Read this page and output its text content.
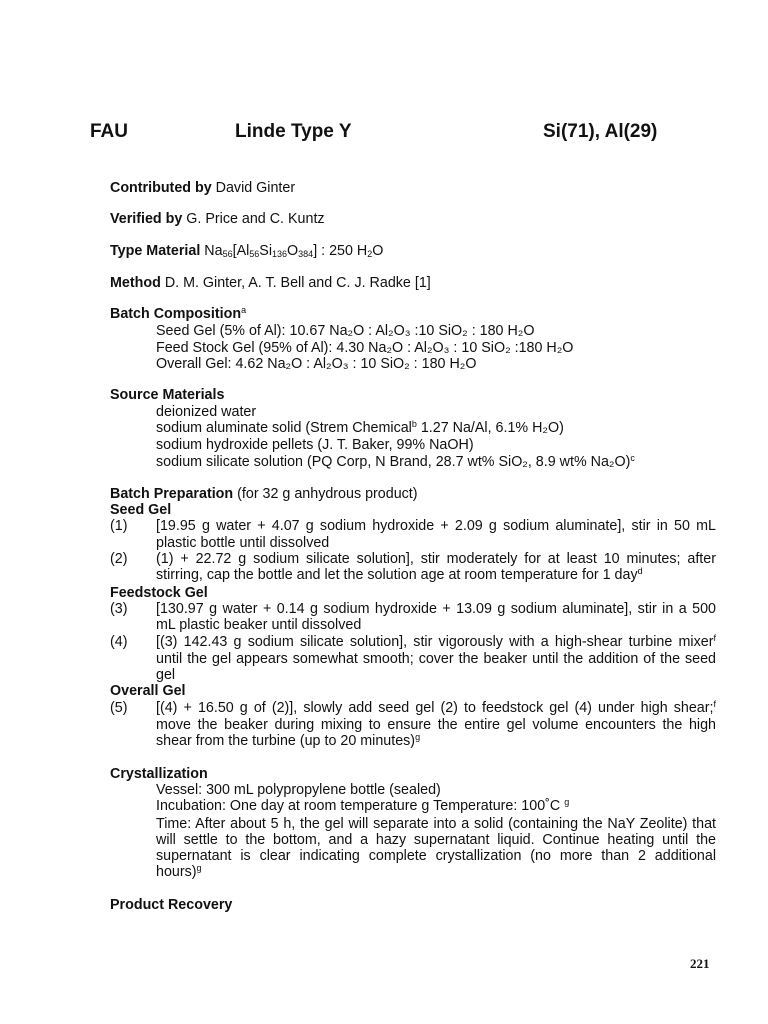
FAU	Linde Type Y	Si(71), Al(29)
Contributed by David Ginter
Verified by G. Price and C. Kuntz
Type Material $Na_{56}[Al_{56}Si_{136}O_{384}]$ : 250 $H_2O$
Method D. M. Ginter, A. T. Bell and C. J. Radke [1]
Batch Composition$^a$
Seed Gel (5% of Al): 10.67 Na₂O : Al₂O₃ :10 SiO₂ : 180 H₂O
Feed Stock Gel (95% of Al): 4.30 Na₂O : Al₂O₃ : 10 SiO₂ :180 H₂O
Overall Gel: 4.62 Na₂O : Al₂O₃ : 10 SiO₂ : 180 H₂O
Source Materials
deionized water
sodium aluminate solid (Strem Chemical$^b$ 1.27 Na/Al, 6.1% H₂O)
sodium hydroxide pellets (J. T. Baker, 99% NaOH)
sodium silicate solution (PQ Corp, N Brand, 28.7 wt% SiO₂, 8.9 wt% Na₂O)$^c$
Batch Preparation (for 32 g anhydrous product)
Seed Gel
(1)	[19.95 g water + 4.07 g sodium hydroxide + 2.09 g sodium aluminate], stir in 50 mL plastic bottle until dissolved
(2)	(1) + 22.72 g sodium silicate solution], stir moderately for at least 10 minutes; after stirring, cap the bottle and let the solution age at room temperature for 1 day$^d$
Feedstock Gel
(3)	[130.97 g water + 0.14 g sodium hydroxide + 13.09 g sodium aluminate], stir in a 500 mL plastic beaker until dissolved
(4)	[(3) 142.43 g sodium silicate solution], stir vigorously with a high-shear turbine mixer$^f$ until the gel appears somewhat smooth; cover the beaker until the addition of the seed gel
Overall Gel
(5)	[(4) + 16.50 g of (2)], slowly add seed gel (2) to feedstock gel (4) under high shear;$^f$ move the beaker during mixing to ensure the entire gel volume encounters the high shear from the turbine (up to 20 minutes)$^g$
Crystallization
Vessel: 300 mL polypropylene bottle (sealed)
Incubation: One day at room temperature g Temperature: 100˚C $^g$
Time: After about 5 h, the gel will separate into a solid (containing the NaY Zeolite) that will settle to the bottom, and a hazy supernatant liquid. Continue heating until the supernatant is clear indicating complete crystallization (no more than 2 additional hours)$^g$
Product Recovery
221
